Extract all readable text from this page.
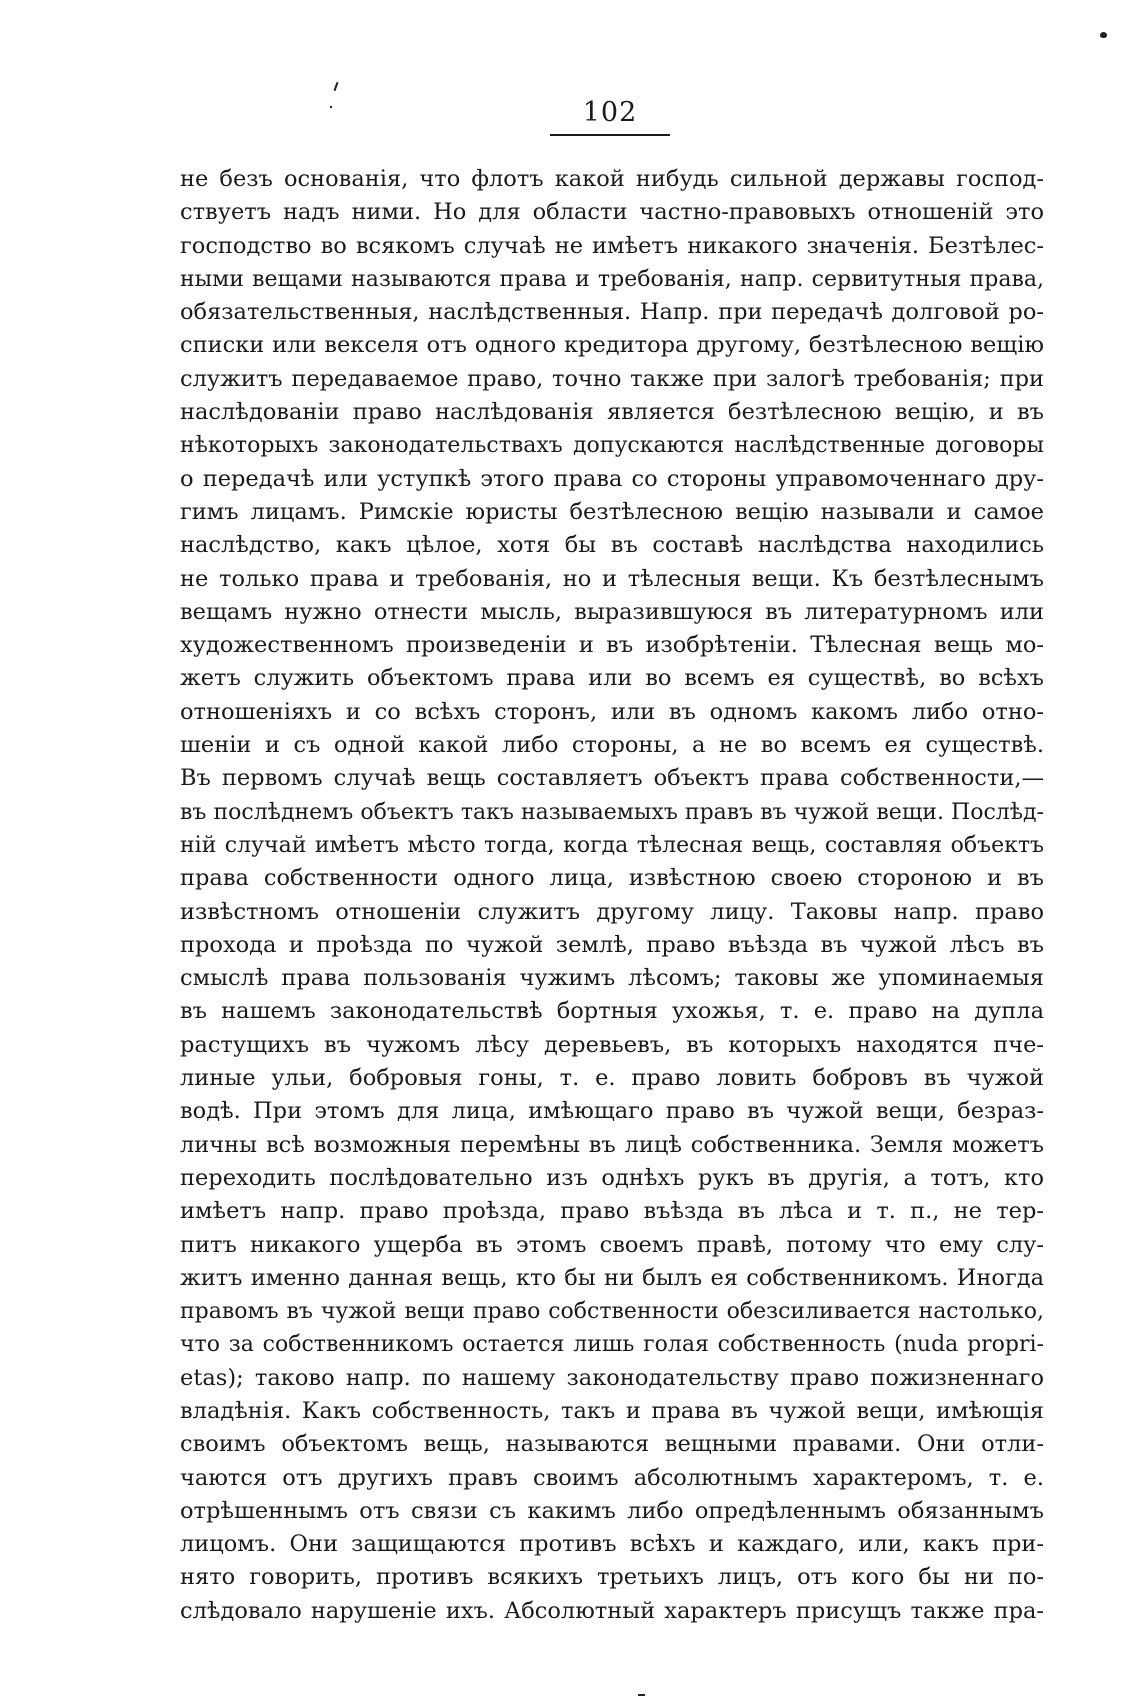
102
не безъ основанія, что флотъ какой нибудь сильной державы господ-
ствуетъ надъ ними. Но для области частно-правовыхъ отношеній это
господство во всякомъ случаѣ не имѣетъ никакого значенія. Безтѣлес-
ными вещами называются права и требованія, напр. сервитутныя права,
обязательственныя, наслѣдственныя. Напр. при передачѣ долговой ро-
списки или векселя отъ одного кредитора другому, безтѣлесною вещію
служитъ передаваемое право, точно также при залогѣ требованія; при
наслѣдованіи право наслѣдованія является безтѣлесною вещію, и въ
нѣкоторыхъ законодательствахъ допускаются наслѣдственные договоры
о передачѣ или уступкѣ этого права со стороны управомоченнаго дру-
гимъ лицамъ. Римскіе юристы безтѣлесною вещію называли и самое
наслѣдство, какъ цѣлое, хотя бы въ составѣ наслѣдства находились
не только права и требованія, но и тѣлесныя вещи. Къ безтѣлеснымъ
вещамъ нужно отнести мысль, выразившуюся въ литературномъ или
художественномъ произведеніи и въ изобрѣтеніи. Тѣлесная вещь мо-
жетъ служить объектомъ права или во всемъ ея существѣ, во всѣхъ
отношеніяхъ и со всѣхъ сторонъ, или въ одномъ какомъ либо отно-
шеніи и съ одной какой либо стороны, а не во всемъ ея существѣ.
Въ первомъ случаѣ вещь составляетъ объектъ права собственности,—
въ послѣднемъ объектъ такъ называемыхъ правъ въ чужой вещи. Послѣд-
ній случай имѣетъ мѣсто тогда, когда тѣлесная вещь, составляя объектъ
права собственности одного лица, извѣстною своею стороною и въ
извѣстномъ отношеніи служитъ другому лицу. Таковы напр. право
прохода и проѣзда по чужой землѣ, право въѣзда въ чужой лѣсъ въ
смыслѣ права пользованія чужимъ лѣсомъ; таковы же упоминаемыя
въ нашемъ законодательствѣ бортныя ухожья, т. е. право на дупла
растущихъ въ чужомъ лѣсу деревьевъ, въ которыхъ находятся пче-
линые ульи, бобровыя гоны, т. е. право ловить бобровъ въ чужой
водѣ. При этомъ для лица, имѣющаго право въ чужой вещи, безраз-
личны всѣ возможныя перемѣны въ лицѣ собственника. Земля можетъ
переходить послѣдовательно изъ однѣхъ рукъ въ другія, а тотъ, кто
имѣетъ напр. право проѣзда, право въѣзда въ лѣса и т. п., не тер-
питъ никакого ущерба въ этомъ своемъ правѣ, потому что ему слу-
житъ именно данная вещь, кто бы ни былъ ея собственникомъ. Иногда
правомъ въ чужой вещи право собственности обезсиливается настолько,
что за собственникомъ остается лишь голая собственность (nuda proprі-
etas); таково напр. по нашему законодательству право пожизненнаго
владѣнія. Какъ собственность, такъ и права въ чужой вещи, имѣющія
своимъ объектомъ вещь, называются вещными правами. Они отли-
чаются отъ другихъ правъ своимъ абсолютнымъ характеромъ, т. е.
отрѣшеннымъ отъ связи съ какимъ либо опредѣленнымъ обязаннымъ
лицомъ. Они защищаются противъ всѣхъ и каждаго, или, какъ при-
нято говорить, противъ всякихъ третьихъ лицъ, отъ кого бы ни по-
слѣдовало нарушеніе ихъ. Абсолютный характеръ присущъ также пра-
